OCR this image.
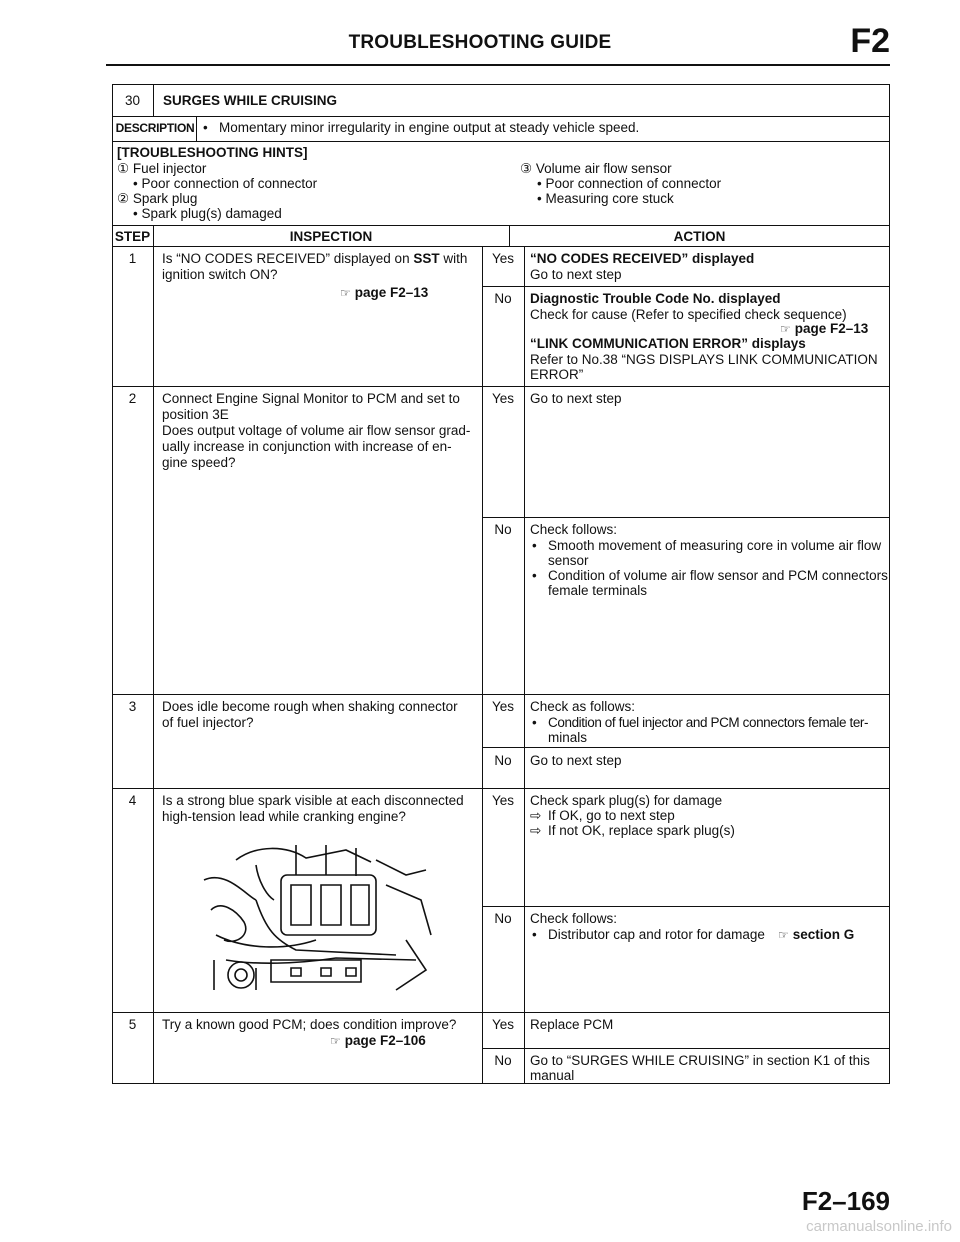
TROUBLESHOOTING GUIDE	F2
30	SURGES WHILE CRUISING
DESCRIPTION • Momentary minor irregularity in engine output at steady vehicle speed.
[TROUBLESHOOTING HINTS]
① Fuel injector
• Poor connection of connector
② Spark plug
• Spark plug(s) damaged
③ Volume air flow sensor
• Poor connection of connector
• Measuring core stuck
STEP	INSPECTION	ACTION
1	Is “NO CODES RECEIVED” displayed on SST with
ignition switch ON?
☞ page F2–13
Yes	“NO CODES RECEIVED” displayed
Go to next step
No	Diagnostic Trouble Code No. displayed
Check for cause (Refer to specified check sequence)
☞ page F2–13
“LINK COMMUNICATION ERROR” displays
Refer to No.38 “NGS DISPLAYS LINK COMMUNICATION
ERROR”
2	Connect Engine Signal Monitor to PCM and set to
position 3E
Does output voltage of volume air flow sensor grad-
ually increase in conjunction with increase of en-
gine speed?
Yes	Go to next step
No	Check follows:
• Smooth movement of measuring core in volume air flow
sensor
• Condition of volume air flow sensor and PCM connectors
female terminals
3	Does idle become rough when shaking connector
of fuel injector?
Yes	Check as follows:
• Condition of fuel injector and PCM connectors female ter-
minals
No	Go to next step
4	Is a strong blue spark visible at each disconnected
high-tension lead while cranking engine?
Yes	Check spark plug(s) for damage
⇨ If OK, go to next step
⇨ If not OK, replace spark plug(s)
No	Check follows:
• Distributor cap and rotor for damage ☞ section G
5	Try a known good PCM; does condition improve?
☞ page F2–106
Yes	Replace PCM
No	Go to “SURGES WHILE CRUISING” in section K1 of this
manual
F2–169
carmanualsonline.info
